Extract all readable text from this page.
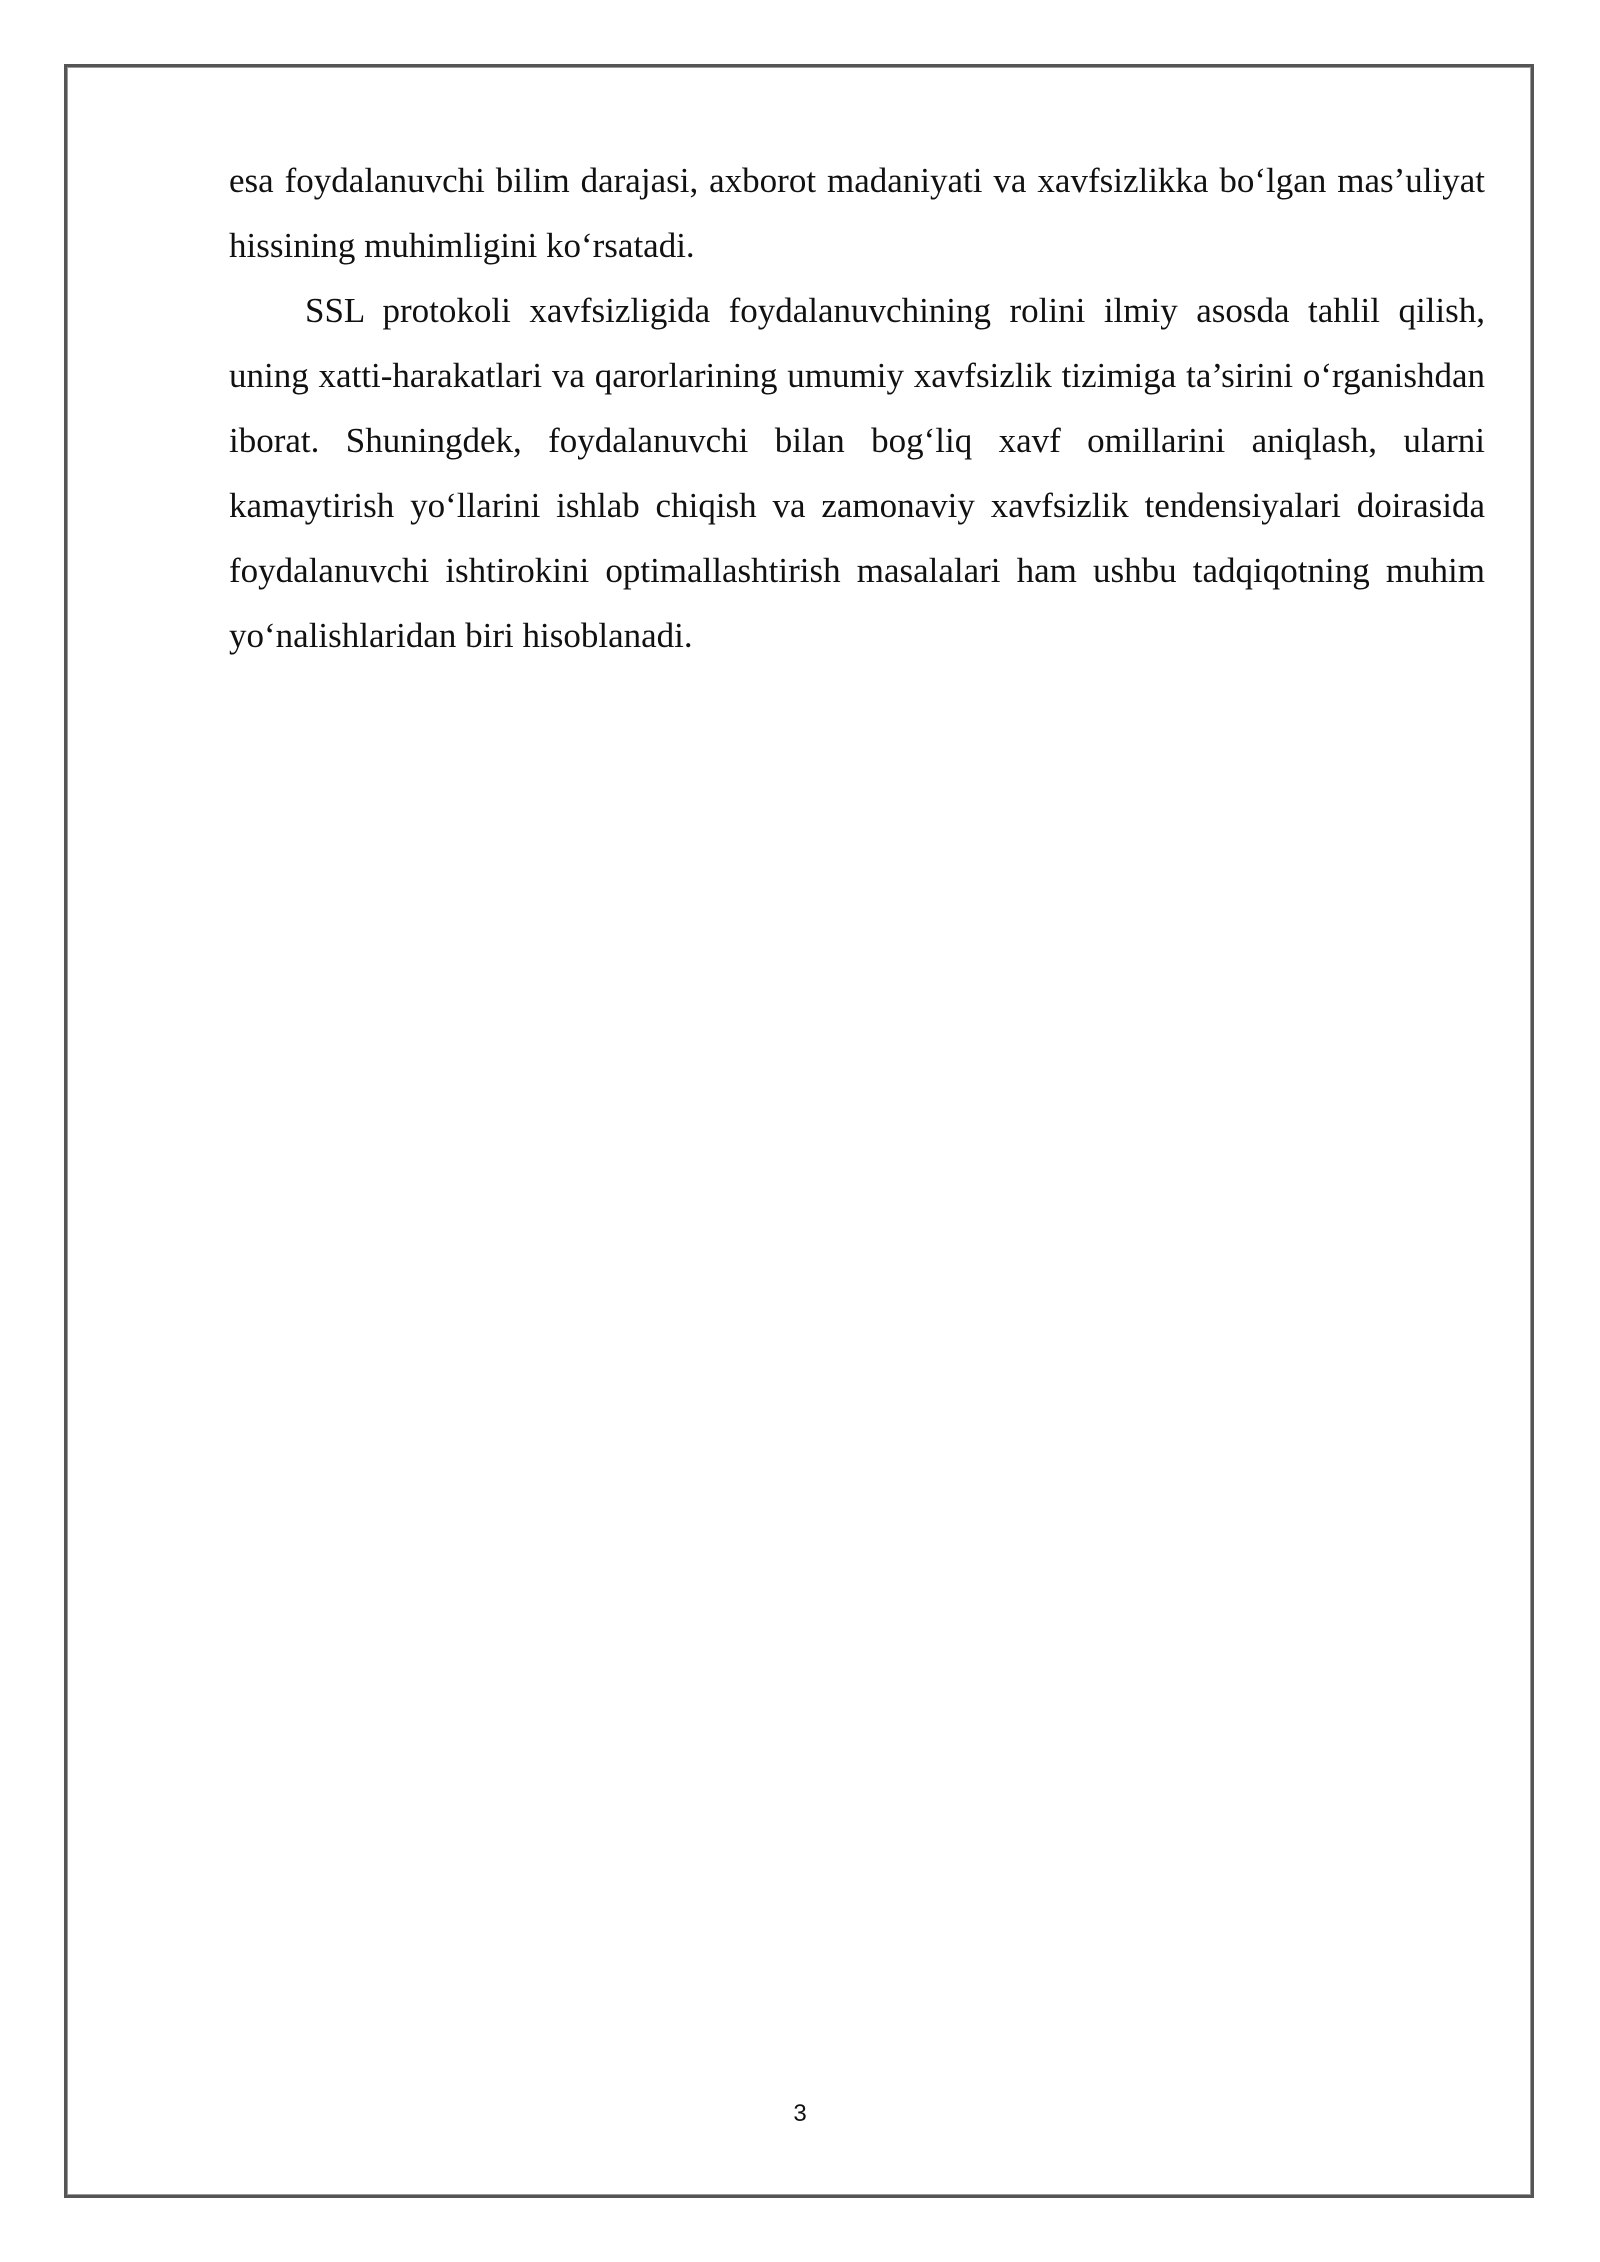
esa foydalanuvchi bilim darajasi, axborot madaniyati va xavfsizlikka bo‘lgan mas’uliyat hissining muhimligini ko‘rsatadi.

SSL protokoli xavfsizligida foydalanuvchining rolini ilmiy asosda tahlil qilish, uning xatti-harakatlari va qarorlarining umumiy xavfsizlik tizimiga ta’sirini o‘rganishdan iborat. Shuningdek, foydalanuvchi bilan bog‘liq xavf omillarini aniqlash, ularni kamaytirish yo‘llarini ishlab chiqish va zamonaviy xavfsizlik tendensiyalari doirasida foydalanuvchi ishtirokini optimallashtirish masalalari ham ushbu tadqiqotning muhim yo‘nalishlaridan biri hisoblanadi.

3
